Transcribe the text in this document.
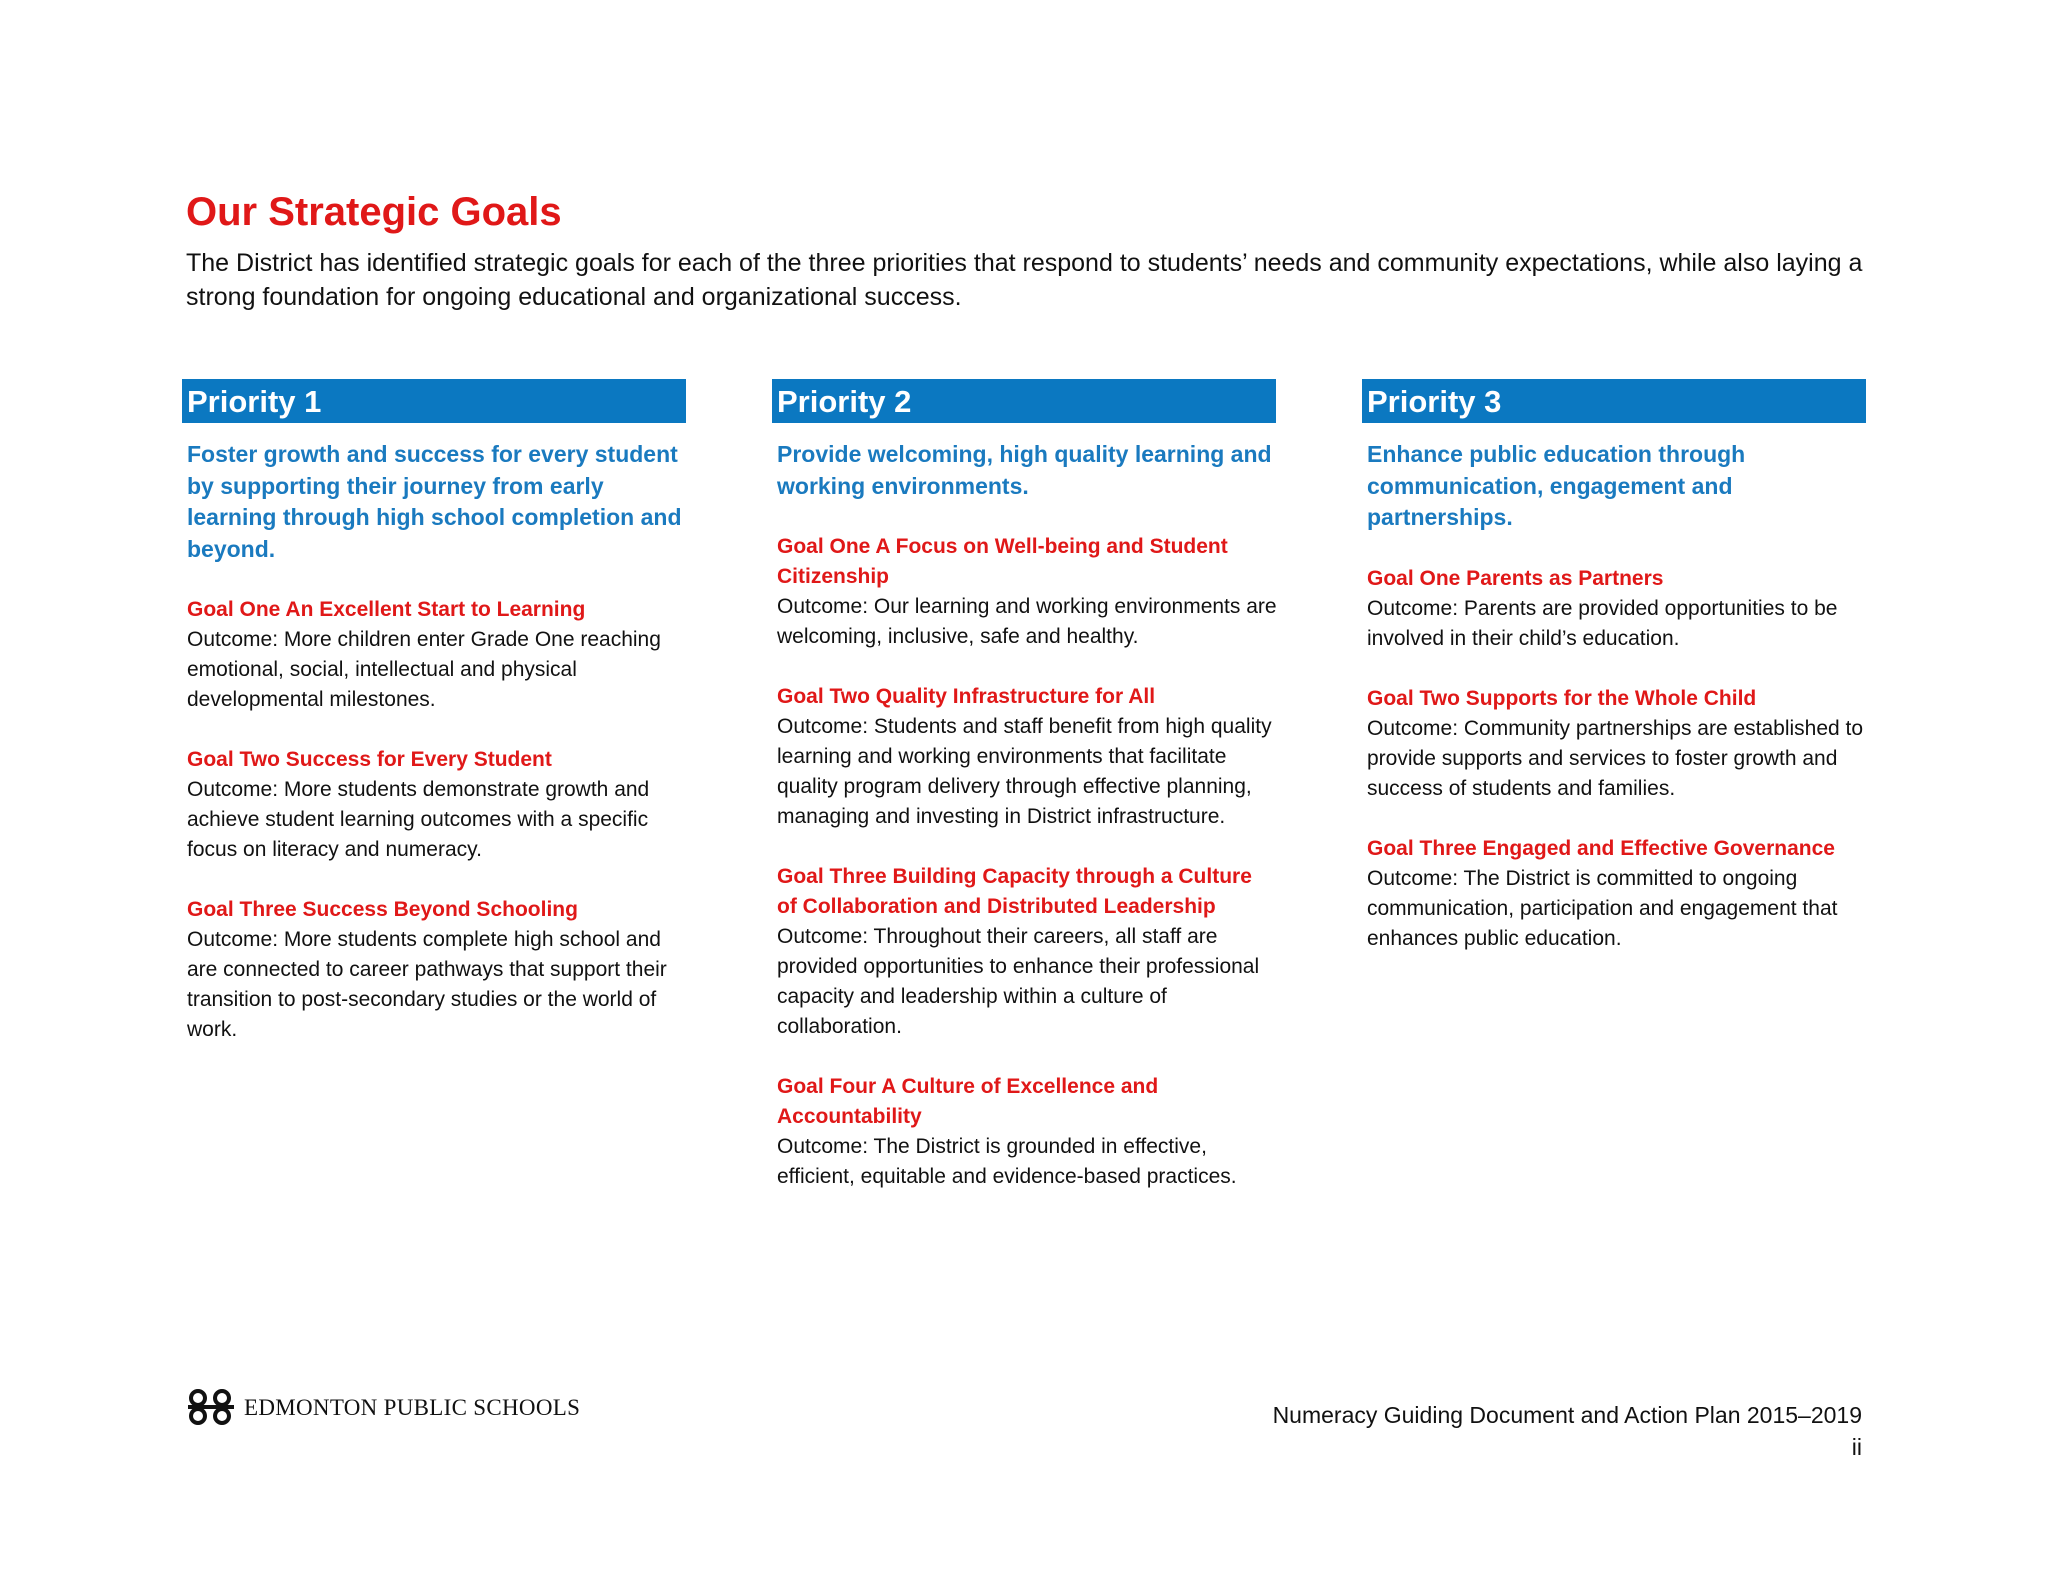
Our Strategic Goals

The District has identified strategic goals for each of the three priorities that respond to students’ needs and community expectations, while also laying a strong foundation for ongoing educational and organizational success.

Priority 1
Foster growth and success for every student by supporting their journey from early learning through high school completion and beyond.
Goal One An Excellent Start to Learning
Outcome: More children enter Grade One reaching emotional, social, intellectual and physical developmental milestones.
Goal Two Success for Every Student
Outcome: More students demonstrate growth and achieve student learning outcomes with a specific focus on literacy and numeracy.
Goal Three Success Beyond Schooling
Outcome: More students complete high school and are connected to career pathways that support their transition to post-secondary studies or the world of work.
Priority 2
Provide welcoming, high quality learning and working environments.
Goal One A Focus on Well-being and Student Citizenship
Outcome: Our learning and working environments are welcoming, inclusive, safe and healthy.
Goal Two Quality Infrastructure for All
Outcome: Students and staff benefit from high quality learning and working environments that facilitate quality program delivery through effective planning, managing and investing in District infrastructure.
Goal Three Building Capacity through a Culture of Collaboration and Distributed Leadership
Outcome: Throughout their careers, all staff are provided opportunities to enhance their professional capacity and leadership within a culture of collaboration.
Goal Four A Culture of Excellence and Accountability
Outcome: The District is grounded in effective, efficient, equitable and evidence-based practices.
Priority 3
Enhance public education through communication, engagement and partnerships.
Goal One Parents as Partners
Outcome: Parents are provided opportunities to be involved in their child’s education.
Goal Two Supports for the Whole Child
Outcome: Community partnerships are established to provide supports and services to foster growth and success of students and families.
Goal Three Engaged and Effective Governance
Outcome: The District is committed to ongoing communication, participation and engagement that enhances public education.
EDMONTON PUBLIC SCHOOLS	Numeracy Guiding Document and Action Plan 2015–2019
ii
